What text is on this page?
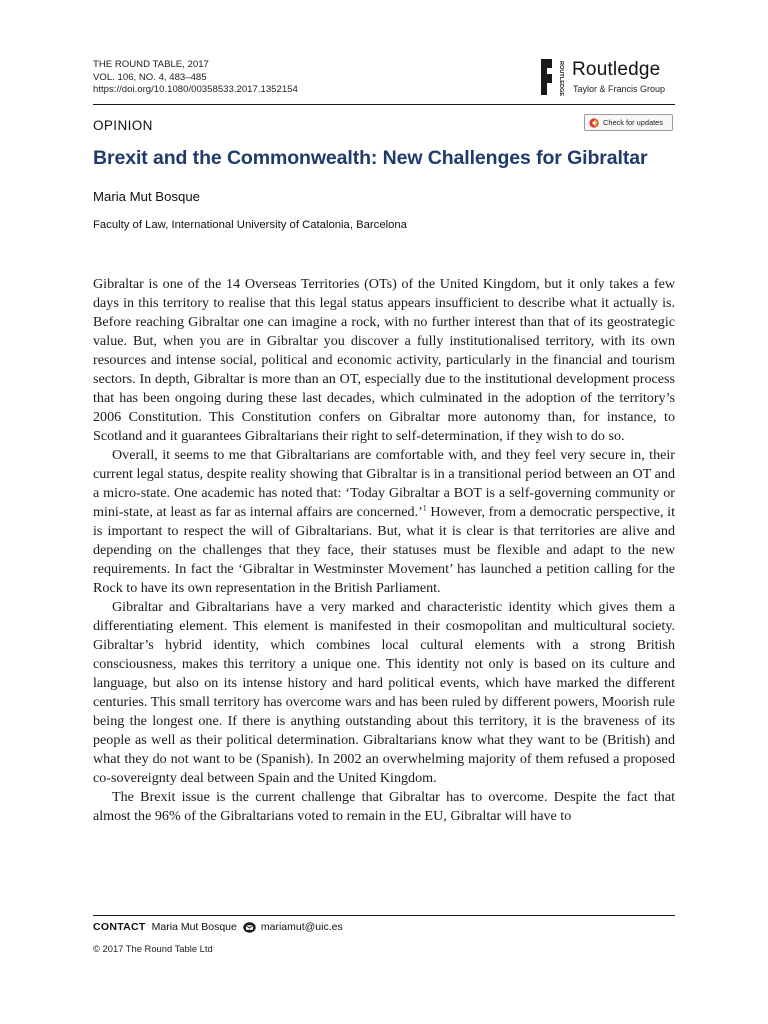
THE ROUND TABLE, 2017
VOL. 106, NO. 4, 483–485
https://doi.org/10.1080/00358533.2017.1352154	ROUTLEDGE Routledge
Taylor & Francis Group
OPINION	Check for updates
Brexit and the Commonwealth: New Challenges for Gibraltar
Maria Mut Bosque
Faculty of Law, International University of Catalonia, Barcelona

Gibraltar is one of the 14 Overseas Territories (OTs) of the United Kingdom, but it only takes a few days in this territory to realise that this legal status appears insufficient to describe what it actually is. Before reaching Gibraltar one can imagine a rock, with no further interest than that of its geostrategic value. But, when you are in Gibraltar you discover a fully institutionalised territory, with its own resources and intense social, political and economic activity, particularly in the financial and tourism sectors. In depth, Gibraltar is more than an OT, especially due to the institutional development process that has been ongoing during these last decades, which culminated in the adoption of the territory’s 2006 Constitution. This Constitution confers on Gibraltar more autonomy than, for instance, to Scotland and it guarantees Gibraltarians their right to self-determination, if they wish to do so.

Overall, it seems to me that Gibraltarians are comfortable with, and they feel very secure in, their current legal status, despite reality showing that Gibraltar is in a transitional period between an OT and a micro-state. One academic has noted that: ‘Today Gibraltar a BOT is a self-governing community or mini-state, at least as far as internal affairs are concerned.’$^1$ However, from a democratic perspective, it is important to respect the will of Gibraltarians. But, what it is clear is that territories are alive and depending on the challenges that they face, their statuses must be flexible and adapt to the new requirements. In fact the ‘Gibraltar in Westminster Movement’ has launched a petition calling for the Rock to have its own representation in the British Parliament.

Gibraltar and Gibraltarians have a very marked and characteristic identity which gives them a differentiating element. This element is manifested in their cosmopolitan and multicultural society. Gibraltar’s hybrid identity, which combines local cultural elements with a strong British consciousness, makes this territory a unique one. This identity not only is based on its culture and language, but also on its intense history and hard political events, which have marked the different centuries. This small territory has overcome wars and has been ruled by different powers, Moorish rule being the longest one. If there is anything outstanding about this territory, it is the braveness of its people as well as their political determination. Gibraltarians know what they want to be (British) and what they do not want to be (Spanish). In 2002 an overwhelming majority of them refused a proposed co-sovereignty deal between Spain and the United Kingdom.

The Brexit issue is the current challenge that Gibraltar has to overcome. Despite the fact that almost the 96% of the Gibraltarians voted to remain in the EU, Gibraltar will have to

CONTACT Maria Mut Bosque mariamut@uic.es
© 2017 The Round Table Ltd
